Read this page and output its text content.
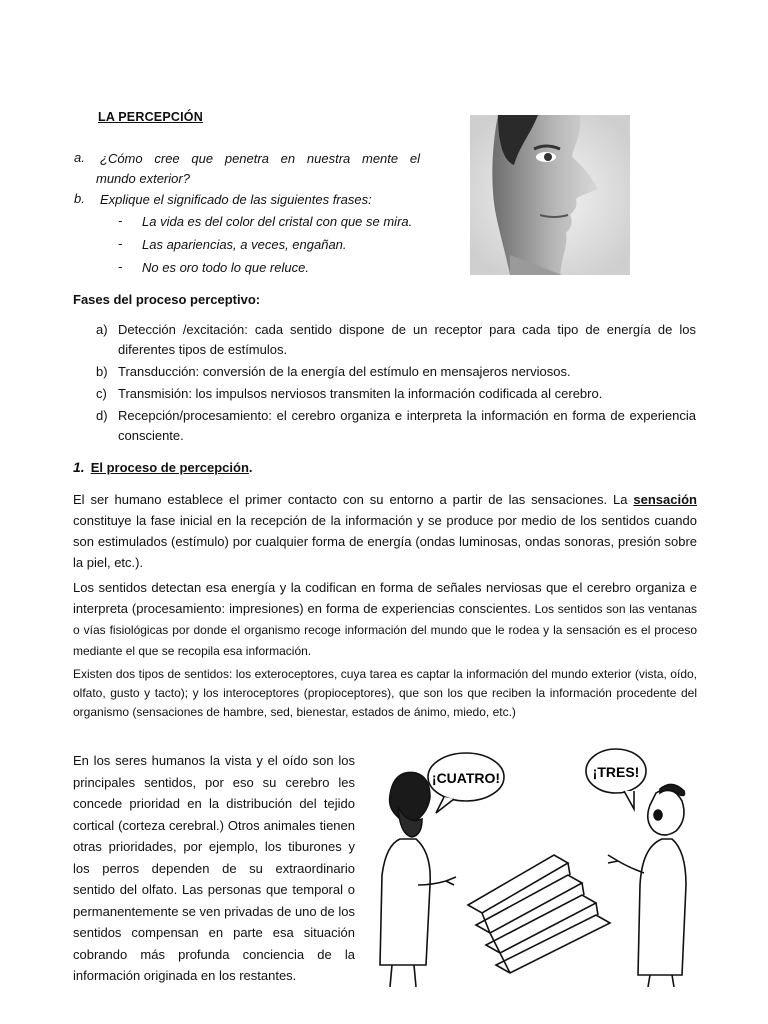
LA PERCEPCIÓN
a. ¿Cómo cree que penetra en nuestra mente el
mundo exterior?
b. Explique el significado de las siguientes frases:
- La vida es del color del cristal con que se mira.
- Las apariencias, a veces, engañan.
- No es oro todo lo que reluce.
Fases del proceso perceptivo:
a) Detección /excitación: cada sentido dispone de un receptor para cada tipo de energía de los diferentes tipos de estímulos.
b) Transducción: conversión de la energía del estímulo en mensajeros nerviosos.
c) Transmisión: los impulsos nerviosos transmiten la información codificada al cerebro.
d) Recepción/procesamiento: el cerebro organiza e interpreta la información en forma de experiencia consciente.
1. El proceso de percepción.

El ser humano establece el primer contacto con su entorno a partir de las sensaciones. La sensación constituye la fase inicial en la recepción de la información y se produce por medio de los sentidos cuando son estimulados (estímulo) por cualquier forma de energía (ondas luminosas, ondas sonoras, presión sobre la piel, etc.).

Los sentidos detectan esa energía y la codifican en forma de señales nerviosas que el cerebro organiza e interpreta (procesamiento: impresiones) en forma de experiencias conscientes. Los sentidos son las ventanas o vías fisiológicas por donde el organismo recoge información del mundo que le rodea y la sensación es el proceso mediante el que se recopila esa información.

Existen dos tipos de sentidos: los exteroceptores, cuya tarea es captar la información del mundo exterior (vista, oído, olfato, gusto y tacto); y los interoceptores (propioceptores), que son los que reciben la información procedente del organismo (sensaciones de hambre, sed, bienestar, estados de ánimo, miedo, etc.)

En los seres humanos la vista y el oído son los principales sentidos, por eso su cerebro les concede prioridad en la distribución del tejido cortical (corteza cerebral.) Otros animales tienen otras prioridades, por ejemplo, los tiburones y los perros dependen de su extraordinario sentido del olfato. Las personas que temporal o permanentemente se ven privadas de uno de los sentidos compensan en parte esa situación cobrando más profunda conciencia de la información originada en los restantes.
¡CUATRO!	¡TRES!
